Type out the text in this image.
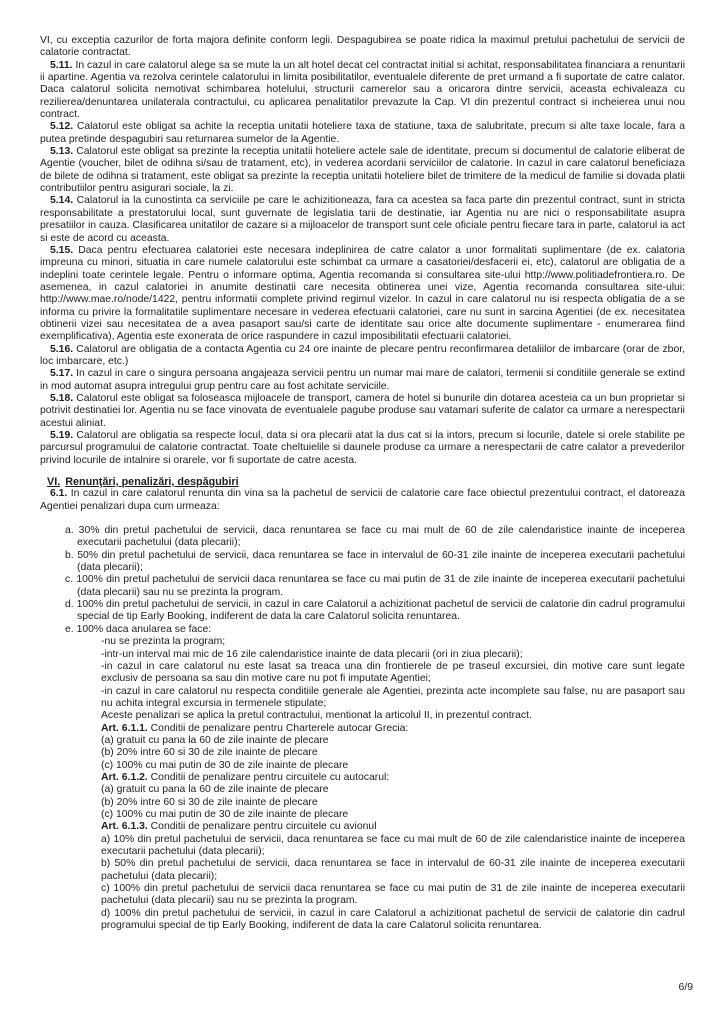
VI, cu exceptia cazurilor de forta majora definite conform legii. Despagubirea se poate ridica la maximul pretului pachetului de servicii de calatorie contractat.

5.11. In cazul in care calatorul alege sa se mute la un alt hotel decat cel contractat initial si achitat, responsabilitatea financiara a renuntarii ii apartine. Agentia va rezolva cerintele calatorului in limita posibilitatilor, eventualele diferente de pret urmand a fi suportate de catre calator. Daca calatorul solicita nemotivat schimbarea hotelului, structurii camerelor sau a oricarora dintre servicii, aceasta echivaleaza cu rezilierea/denuntarea unilaterala contractului, cu aplicarea penalitatilor prevazute la Cap. VI din prezentul contract si incheierea unui nou contract.

5.12. Calatorul este obligat sa achite la receptia unitatii hoteliere taxa de statiune, taxa de salubritate, precum si alte taxe locale, fara a putea pretinde despagubiri sau returnarea sumelor de la Agentie.

5.13. Calatorul este obligat sa prezinte la receptia unitatii hoteliere actele sale de identitate, precum si documentul de calatorie eliberat de Agentie (voucher, bilet de odihna si/sau de tratament, etc), in vederea acordarii serviciilor de calatorie. In cazul in care calatorul beneficiaza de bilete de odihna si tratament, este obligat sa prezinte la receptia unitatii hoteliere bilet de trimitere de la medicul de familie si dovada platii contributiilor pentru asigurari sociale, la zi.

5.14. Calatorul ia la cunostinta ca serviciile pe care le achizitioneaza, fara ca acestea sa faca parte din prezentul contract, sunt in stricta responsabilitate a prestatorului local, sunt guvernate de legislatia tarii de destinatie, iar Agentia nu are nici o responsabilitate asupra presatiilor in cauza. Clasificarea unitatilor de cazare si a mijloacelor de transport sunt cele oficiale pentru fiecare tara in parte, calatorul ia act si este de acord cu aceasta.

5.15. Daca pentru efectuarea calatoriei este necesara indeplinirea de catre calator a unor formalitati suplimentare (de ex. calatoria impreuna cu minori, situatia in care numele calatorului este schimbat ca urmare a casatoriei/desfacerii ei, etc), calatorul are obligatia de a indeplini toate cerintele legale. Pentru o informare optima, Agentia recomanda si consultarea site-ului http://www.politiadefrontiera.ro. De asemenea, in cazul calatoriei in anumite destinatii care necesita obtinerea unei vize, Agentia recomanda consultarea site-ului: http://www.mae.ro/node/1422, pentru informatii complete privind regimul vizelor. In cazul in care calatorul nu isi respecta obligatia de a se informa cu privire la formalitatile suplimentare necesare in vederea efectuarii calatoriei, care nu sunt in sarcina Agentiei (de ex. necesitatea obtinerii vizei sau necesitatea de a avea pasaport sau/si carte de identitate sau orice alte documente suplimentare - enumerarea fiind exemplificativa), Agentia este exonerata de orice raspundere in cazul imposibilitatii efectuarii calatoriei.

5.16. Calatorul are obligatia de a contacta Agentia cu 24 ore inainte de plecare pentru reconfirmarea detaliilor de imbarcare (orar de zbor, loc imbarcare, etc.)

5.17. In cazul in care o singura persoana angajeaza servicii pentru un numar mai mare de calatori, termenii si conditiile generale se extind in mod automat asupra intregului grup pentru care au fost achitate serviciile.

5.18. Calatorul este obligat sa foloseasca mijloacele de transport, camera de hotel si bunurile din dotarea acesteia ca un bun proprietar si potrivit destinatiei lor. Agentia nu se face vinovata de eventualele pagube produse sau vatamari suferite de calator ca urmare a nerespectarii acestui aliniat.

5.19. Calatorul are obligatia sa respecte locul, data si ora plecarii atat la dus cat si la intors, precum si locurile, datele si orele stabilite pe parcursul programului de calatorie contractat. Toate cheltuielile si daunele produse ca urmare a nerespectarii de catre calator a prevederilor privind locurile de intalnire si orarele, vor fi suportate de catre acesta.

VI. Renunţări, penalizări, despăgubiri

6.1. In cazul in care calatorul renunta din vina sa la pachetul de servicii de calatorie care face obiectul prezentului contract, el datoreaza Agentiei penalizari dupa cum urmeaza:

a. 30% din pretul pachetului de servicii, daca renuntarea se face cu mai mult de 60 de zile calendaristice inainte de inceperea executarii pachetului (data plecarii);

b. 50% din pretul pachetului de servicii, daca renuntarea se face in intervalul de 60-31 zile inainte de inceperea executarii pachetului (data plecarii);

c. 100% din pretul pachetului de servicii daca renuntarea se face cu mai putin de 31 de zile inainte de inceperea executarii pachetului (data plecarii) sau nu se prezinta la program.

d. 100% din pretul pachetului de servicii, in cazul in care Calatorul a achizitionat pachetul de servicii de calatorie din cadrul programului special de tip Early Booking, indiferent de data la care Calatorul solicita renuntarea.

e. 100% daca anularea se face:

-nu se prezinta la program;

-intr-un interval mai mic de 16 zile calendaristice inainte de data plecarii (ori in ziua plecarii);

-in cazul in care calatorul nu este lasat sa treaca una din frontierele de pe traseul excursiei, din motive care sunt legate exclusiv de persoana sa sau din motive care nu pot fi imputate Agentiei;

-in cazul in care calatorul nu respecta conditiile generale ale Agentiei, prezinta acte incomplete sau false, nu are pasaport sau nu achita integral excursia in termenele stipulate;

Aceste penalizari se aplica la pretul contractului, mentionat la articolul II, in prezentul contract.

Art. 6.1.1. Conditii de penalizare pentru Charterele autocar Grecia:

(a) gratuit cu pana la 60 de zile inainte de plecare

(b) 20% intre 60 si 30 de zile inainte de plecare

(c) 100% cu mai putin de 30 de zile inainte de plecare

Art. 6.1.2. Conditii de penalizare pentru circuitele cu autocarul:

(a) gratuit cu pana la 60 de zile inainte de plecare

(b) 20% intre 60 si 30 de zile inainte de plecare

(c) 100% cu mai putin de 30 de zile inainte de plecare

Art. 6.1.3. Conditii de penalizare pentru circuitele cu avionul

a) 10% din pretul pachetului de servicii, daca renuntarea se face cu mai mult de 60 de zile calendaristice inainte de inceperea executarii pachetului (data plecarii);

b) 50% din pretul pachetului de servicii, daca renuntarea se face in intervalul de 60-31 zile inainte de inceperea executarii pachetului (data plecarii);

c) 100% din pretul pachetului de servicii daca renuntarea se face cu mai putin de 31 de zile inainte de inceperea executarii pachetului (data plecarii) sau nu se prezinta la program.

d) 100% din pretul pachetului de servicii, in cazul in care Calatorul a achizitionat pachetul de servicii de calatorie din cadrul programului special de tip Early Booking, indiferent de data la care Calatorul solicita renuntarea.

6/9
